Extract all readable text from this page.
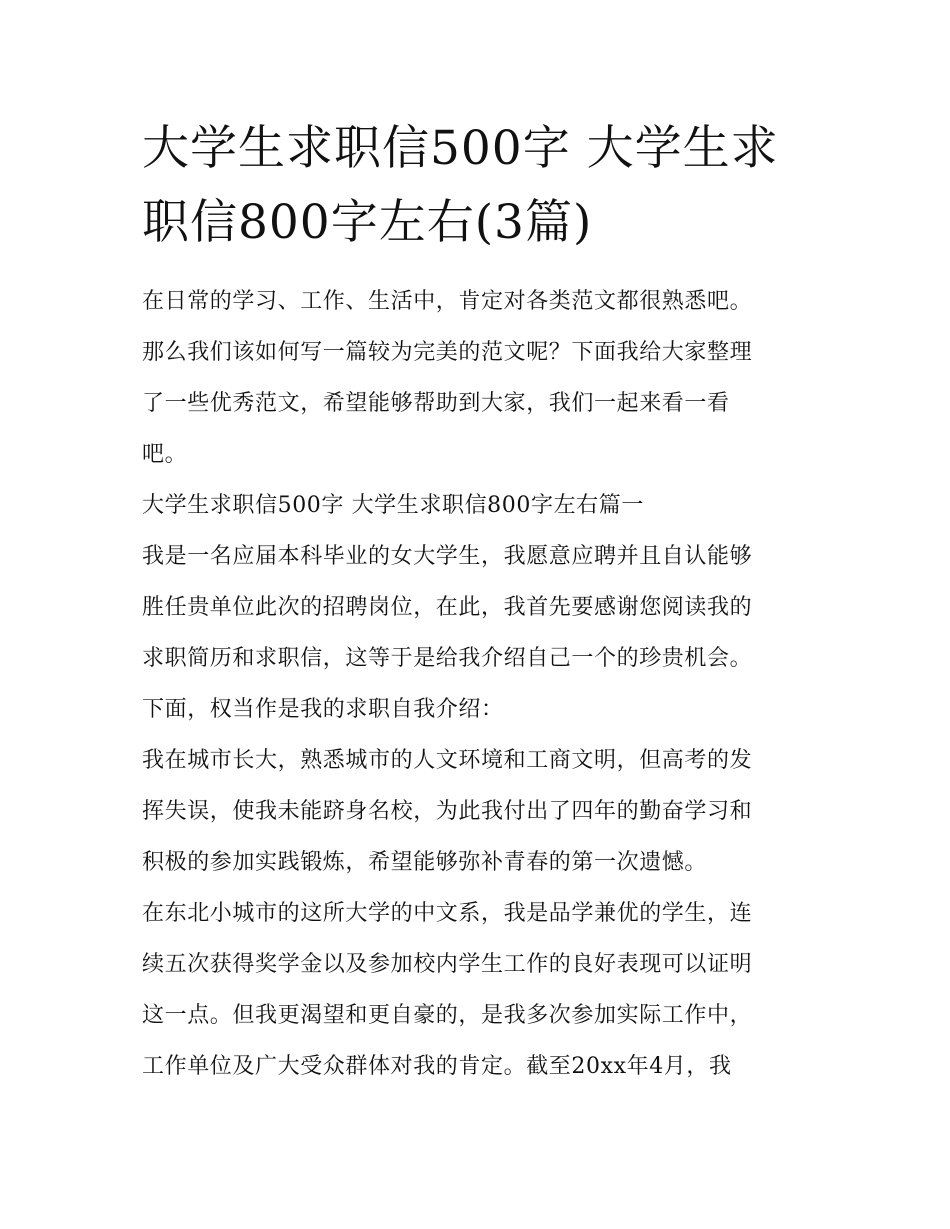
大学生求职信500字 大学生求
职信800字左右(3篇)
在日常的学习、工作、生活中，肯定对各类范文都很熟悉吧。
那么我们该如何写一篇较为完美的范文呢？下面我给大家整理
了一些优秀范文，希望能够帮助到大家，我们一起来看一看
吧。
大学生求职信500字 大学生求职信800字左右篇一
我是一名应届本科毕业的女大学生，我愿意应聘并且自认能够
胜任贵单位此次的招聘岗位，在此，我首先要感谢您阅读我的
求职简历和求职信，这等于是给我介绍自己一个的珍贵机会。
下面，权当作是我的求职自我介绍：
我在城市长大，熟悉城市的人文环境和工商文明，但高考的发
挥失误，使我未能跻身名校，为此我付出了四年的勤奋学习和
积极的参加实践锻炼，希望能够弥补青春的第一次遗憾。
在东北小城市的这所大学的中文系，我是品学兼优的学生，连
续五次获得奖学金以及参加校内学生工作的良好表现可以证明
这一点。但我更渴望和更自豪的，是我多次参加实际工作中，
工作单位及广大受众群体对我的肯定。截至20xx年4月，我
